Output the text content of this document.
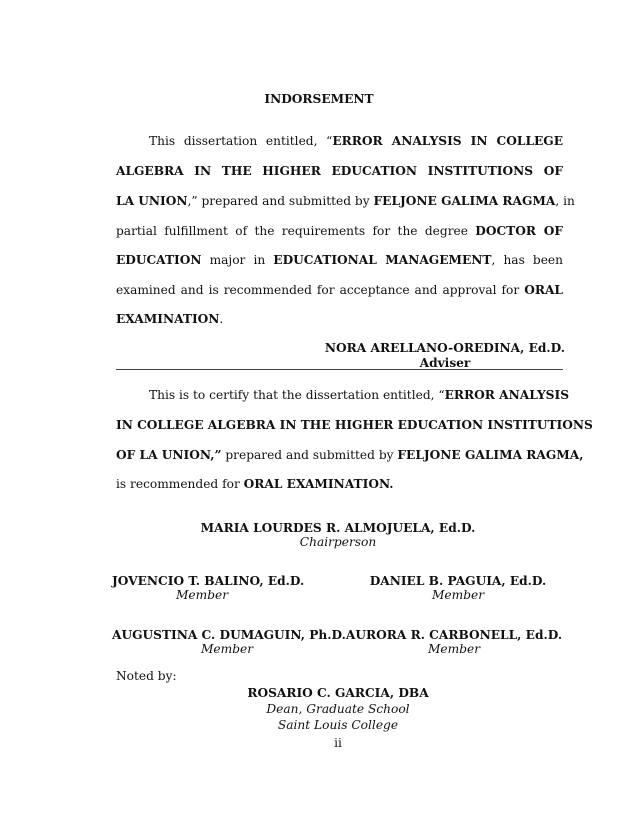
INDORSEMENT
This dissertation entitled, “ERROR ANALYSIS IN COLLEGE
ALGEBRA IN THE HIGHER EDUCATION INSTITUTIONS OF
LA UNION,” prepared and submitted by FELJONE GALIMA RAGMA, in
partial fulfillment of the requirements for the degree DOCTOR OF
EDUCATION major in EDUCATIONAL MANAGEMENT, has been
examined and is recommended for acceptance and approval for ORAL
EXAMINATION.
NORA ARELLANO-OREDINA, Ed.D.
Adviser
This is to certify that the dissertation entitled, “ERROR ANALYSIS
IN COLLEGE ALGEBRA IN THE HIGHER EDUCATION INSTITUTIONS
OF LA UNION,” prepared and submitted by FELJONE GALIMA RAGMA,
is recommended for ORAL EXAMINATION.
MARIA LOURDES R. ALMOJUELA, Ed.D.
Chairperson
JOVENCIO T. BALINO, Ed.D.
Member
DANIEL B. PAGUIA, Ed.D.
Member
AUGUSTINA C. DUMAGUIN, Ph.D.
Member
AURORA R. CARBONELL, Ed.D.
Member
Noted by:
ROSARIO C. GARCIA, DBA
Dean, Graduate School
Saint Louis College
ii
